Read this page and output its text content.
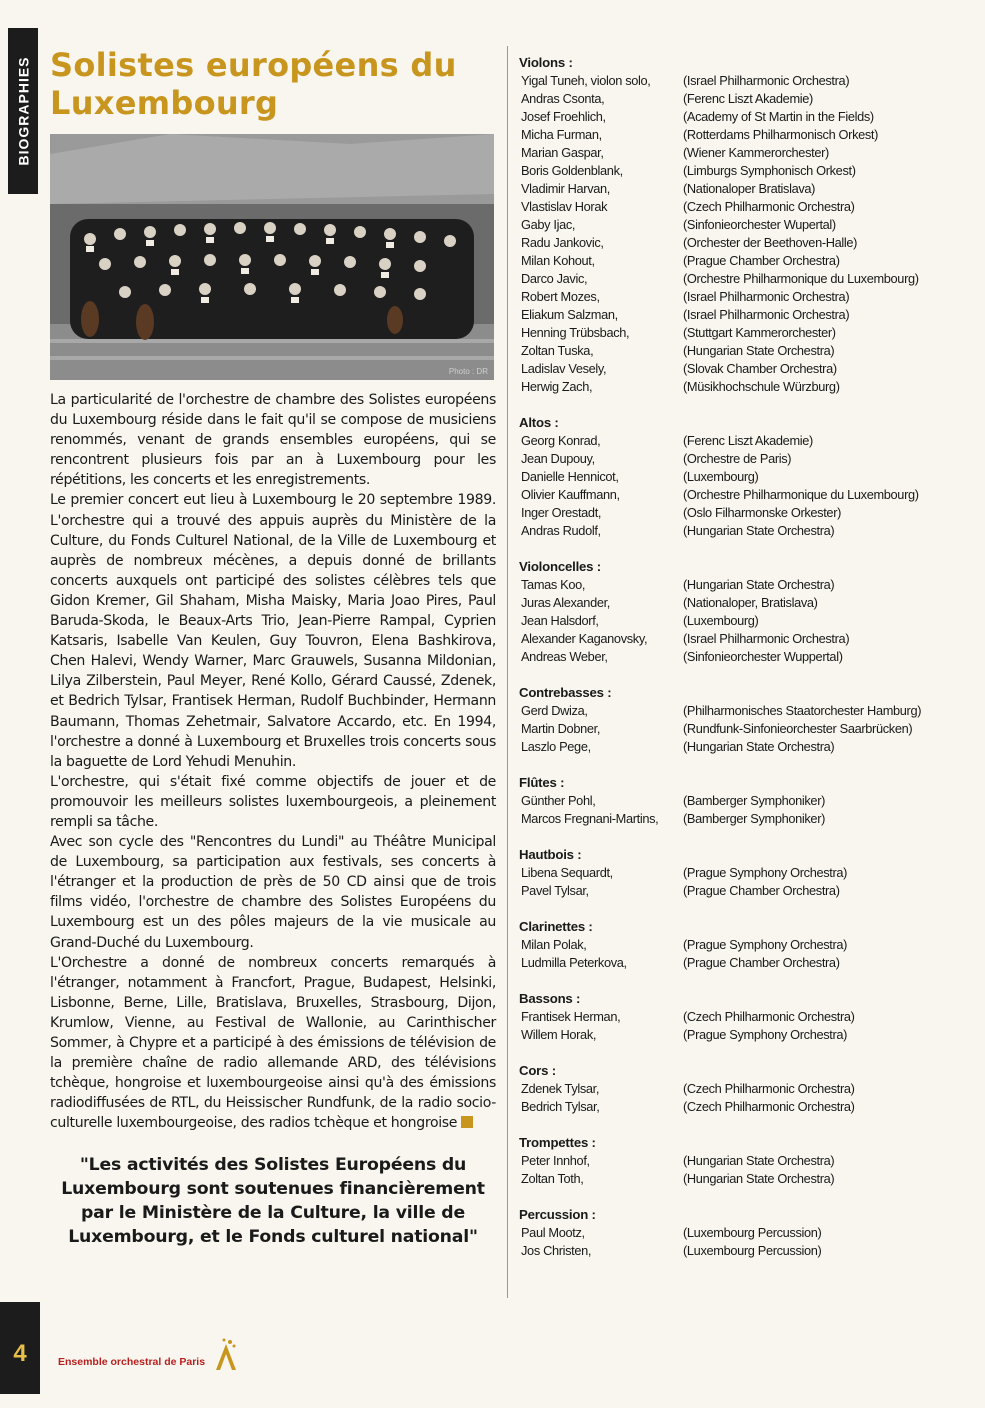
BIOGRAPHIES Solistes européens du Luxembourg
Photo : DR

La particularité de l'orchestre de chambre des Solistes européens du Luxembourg réside dans le fait qu'il se compose de musiciens renommés, venant de grands ensembles européens, qui se rencontrent plusieurs fois par an à Luxembourg pour les répétitions, les concerts et les enregistrements.

Le premier concert eut lieu à Luxembourg le 20 septembre 1989. L'orchestre qui a trouvé des appuis auprès du Ministère de la Culture, du Fonds Culturel National, de la Ville de Luxembourg et auprès de nombreux mécènes, a depuis donné de brillants concerts auxquels ont participé des solistes célèbres tels que Gidon Kremer, Gil Shaham, Misha Maisky, Maria Joao Pires, Paul Baruda-Skoda, le Beaux-Arts Trio, Jean-Pierre Rampal, Cyprien Katsaris, Isabelle Van Keulen, Guy Touvron, Elena Bashkirova, Chen Halevi, Wendy Warner, Marc Grauwels, Susanna Mildonian, Lilya Zilberstein, Paul Meyer, René Kollo, Gérard Caussé, Zdenek, et Bedrich Tylsar, Frantisek Herman, Rudolf Buchbinder, Hermann Baumann, Thomas Zehetmair, Salvatore Accardo, etc. En 1994, l'orchestre a donné à Luxembourg et Bruxelles trois concerts sous la baguette de Lord Yehudi Menuhin.

L'orchestre, qui s'était fixé comme objectifs de jouer et de promouvoir les meilleurs solistes luxembourgeois, a pleinement rempli sa tâche.

Avec son cycle des "Rencontres du Lundi" au Théâtre Municipal de Luxembourg, sa participation aux festivals, ses concerts à l'étranger et la production de près de 50 CD ainsi que de trois films vidéo, l'orchestre de chambre des Solistes Européens du Luxembourg est un des pôles majeurs de la vie musicale au Grand-Duché du Luxembourg.

L'Orchestre a donné de nombreux concerts remarqués à l'étranger, notamment à Francfort, Prague, Budapest, Helsinki, Lisbonne, Berne, Lille, Bratislava, Bruxelles, Strasbourg, Dijon, Krumlow, Vienne, au Festival de Wallonie, au Carinthischer Sommer, à Chypre et a participé à des émissions de télévision de la première chaîne de radio allemande ARD, des télévisions tchèque, hongroise et luxembourgeoise ainsi qu'à des émissions radiodiffusées de RTL, du Heissischer Rundfunk, de la radio socio-culturelle luxembourgeoise, des radios tchèque et hongroise

"Les activités des Solistes Européens du Luxembourg sont soutenues financièrement par le Ministère de la Culture, la ville de Luxembourg, et le Fonds culturel national"
Violons :
Yigal Tuneh, violon solo,	(Israel Philharmonic Orchestra)
Andras Csonta,	(Ferenc Liszt Akademie)
Josef Froehlich,	(Academy of St Martin in the Fields)
Micha Furman,	(Rotterdams Philharmonisch Orkest)
Marian Gaspar,	(Wiener Kammerorchester)
Boris Goldenblank,	(Limburgs Symphonisch Orkest)
Vladimir Harvan,	(Nationaloper Bratislava)
Vlastislav Horak	(Czech Philharmonic Orchestra)
Gaby Ijac,	(Sinfonieorchester Wupertal)
Radu Jankovic,	(Orchester der Beethoven-Halle)
Milan Kohout,	(Prague Chamber Orchestra)
Darco Javic,	(Orchestre Philharmonique du Luxembourg)
Robert Mozes,	(Israel Philharmonic Orchestra)
Eliakum Salzman,	(Israel Philharmonic Orchestra)
Henning Trübsbach,	(Stuttgart Kammerorchester)
Zoltan Tuska,	(Hungarian State Orchestra)
Ladislav Vesely,	(Slovak Chamber Orchestra)
Herwig Zach,	(Müsikhochschule Würzburg)
Altos :
Georg Konrad,	(Ferenc Liszt Akademie)
Jean Dupouy,	(Orchestre de Paris)
Danielle Hennicot,	(Luxembourg)
Olivier Kauffmann,	(Orchestre Philharmonique du Luxembourg)
Inger Orestadt,	(Oslo Filharmonske Orkester)
Andras Rudolf,	(Hungarian State Orchestra)
Violoncelles :
Tamas Koo,	(Hungarian State Orchestra)
Juras Alexander,	(Nationaloper, Bratislava)
Jean Halsdorf,	(Luxembourg)
Alexander Kaganovsky,	(Israel Philharmonic Orchestra)
Andreas Weber,	(Sinfonieorchester Wuppertal)
Contrebasses :
Gerd Dwiza,	(Philharmonisches Staatorchester Hamburg)
Martin Dobner,	(Rundfunk-Sinfonieorchester Saarbrücken)
Laszlo Pege,	(Hungarian State Orchestra)
Flûtes :
Günther Pohl,	(Bamberger Symphoniker)
Marcos Fregnani-Martins,	(Bamberger Symphoniker)
Hautbois :
Libena Sequardt,	(Prague Symphony Orchestra)
Pavel Tylsar,	(Prague Chamber Orchestra)
Clarinettes :
Milan Polak,	(Prague Symphony Orchestra)
Ludmilla Peterkova,	(Prague Chamber Orchestra)
Bassons :
Frantisek Herman,	(Czech Philharmonic Orchestra)
Willem Horak,	(Prague Symphony Orchestra)
Cors :
Zdenek Tylsar,	(Czech Philharmonic Orchestra)
Bedrich Tylsar,	(Czech Philharmonic Orchestra)
Trompettes :
Peter Innhof,	(Hungarian State Orchestra)
Zoltan Toth,	(Hungarian State Orchestra)
Percussion :
Paul Mootz,	(Luxembourg Percussion)
Jos Christen,	(Luxembourg Percussion)
4	Ensemble orchestral de Paris
